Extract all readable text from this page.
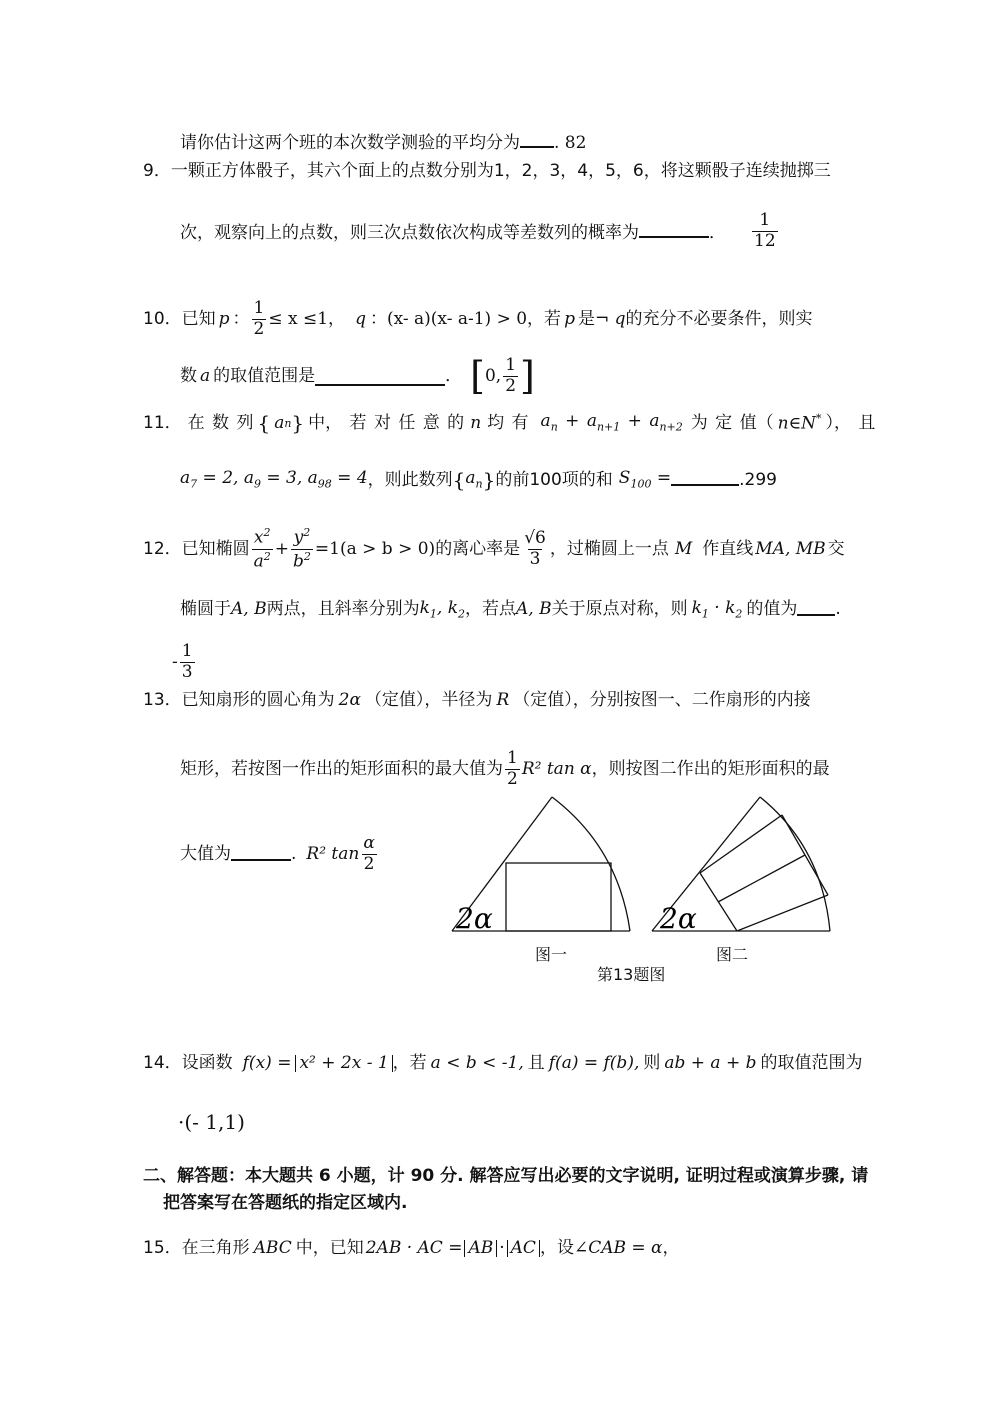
请你估计这两个班的本次数学测验的平均分为 . 82
9．一颗正方体骰子，其六个面上的点数分别为1，2，3，4，5，6，将这颗骰子连续抛掷三
次，观察向上的点数，则三次点数依次构成等差数列的概率为	． $\frac{1}{12}$
10． 已知 p ： $\frac{1}{2} \le x \le 1$， q ：(x- a)(x- a-1) > 0，若 p 是 ¬ q 的充分不必要条件，则实
数 a 的取值范围是	． [ 0, $\frac{1}{2}$ ]
11． 在 数 列 { a n } 中， 若 对 任 意 的 n 均 有 $a_n + a_{n+1} + a_{n+2}$ 为 定 值（ n∈N* ）， 且
$a_7 = 2$, $a_9 = 3$, $a_{98} = 4$ ，则此数列 { $a_n$ } 的前100项的和 $S_{100}$ =	.299
12． 已知椭圆 $\frac{x^2}{a^2} + \frac{y^2}{b^2} =1(a > b > 0)$ 的离心率是 $\frac{√6}{3}$ ，过椭圆上一点 M 作直线 MA, MB 交
椭圆于 A, B 两点，且斜率分别为 $k_1$, $k_2$ ，若点 A, B 关于原点对称，则 $k_1 \cdot k_2$ 的值为 .
- $\frac{1}{3}$
13． 已知扇形的圆心角为 2α （定值），半径为 R （定值），分别按图一、二作扇形的内接
矩形，若按图一作出的矩形面积的最大值为 $\frac{1}{2} R^2$ tan α ，则按图二作出的矩形面积的最
大值为	. R² $\tan \frac{\alpha}{2}$
2α
图一
2α
图二
第13题图
14． 设函数 f(x) = x² + 2x - 1 ，若 a < b < -1, 且 f(a) = f(b), 则 ab + a + b 的取值范围为
·(- 1,1)
二、解答题：本大题共 6 小题，计 90 分. 解答应写出必要的文字说明, 证明过程或演算步骤, 请
把答案写在答题纸的指定区域内.
15． 在三角形 ABC 中，已知 2AB · AC = AB · AC ，设 ∠CAB = α ，
